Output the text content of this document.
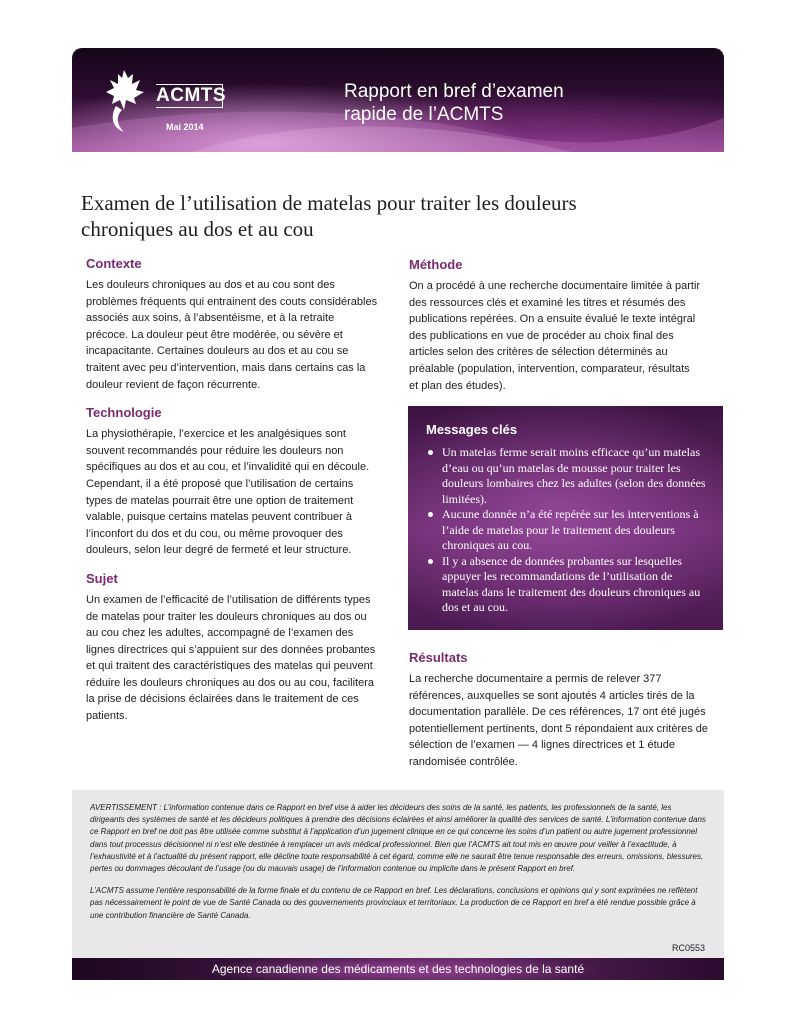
ACMTS
Mai 2014
Rapport en bref d’examen
rapide de l’ACMTS
Examen de l’utilisation de matelas pour traiter les douleurs
chroniques au dos et au cou
Contexte

Les douleurs chroniques au dos et au cou sont des problèmes fréquents qui entrainent des couts considérables associés aux soins, à l’absentéisme, et à la retraite précoce. La douleur peut être modérée, ou sévère et incapacitante. Certaines douleurs au dos et au cou se traitent avec peu d’intervention, mais dans certains cas la douleur revient de façon récurrente.

Technologie

La physiothérapie, l’exercice et les analgésiques sont souvent recommandés pour réduire les douleurs non spécifiques au dos et au cou, et l’invalidité qui en découle. Cependant, il a été proposé que l’utilisation de certains types de matelas pourrait être une option de traitement valable, puisque certains matelas peuvent contribuer à l’inconfort du dos et du cou, ou même provoquer des douleurs, selon leur degré de fermeté et leur structure.

Sujet

Un examen de l’efficacité de l’utilisation de différents types de matelas pour traiter les douleurs chroniques au dos ou au cou chez les adultes, accompagné de l’examen des lignes directrices qui s’appuient sur des données probantes et qui traitent des caractéristiques des matelas qui peuvent réduire les douleurs chroniques au dos ou au cou, facilitera la prise de décisions éclairées dans le traitement de ces patients.

Méthode

On a procédé à une recherche documentaire limitée à partir des ressources clés et examiné les titres et résumés des publications repérées. On a ensuite évalué le texte intégral des publications en vue de procéder au choix final des articles selon des critères de sélection déterminés au préalable (population, intervention, comparateur, résultats et plan des études).

Messages clés
Un matelas ferme serait moins efficace qu’un matelas d’eau ou qu’un matelas de mousse pour traiter les douleurs lombaires chez les adultes (selon des données limitées).
Aucune donnée n’a été repérée sur les interventions à l’aide de matelas pour le traitement des douleurs chroniques au cou.
Il y a absence de données probantes sur lesquelles appuyer les recommandations de l’utilisation de matelas dans le traitement des douleurs chroniques au dos et au cou.
Résultats

La recherche documentaire a permis de relever 377 références, auxquelles se sont ajoutés 4 articles tirés de la documentation parallèle. De ces références, 17 ont été jugés potentiellement pertinents, dont 5 répondaient aux critères de sélection de l’examen — 4 lignes directrices et 1 étude randomisée contrôlée.

AVERTISSEMENT : L’information contenue dans ce Rapport en bref vise à aider les décideurs des soins de la santé, les patients, les professionnels de la santé, les dirigeants des systèmes de santé et les décideurs politiques à prendre des décisions éclairées et ainsi améliorer la qualité des services de santé. L’information contenue dans ce Rapport en bref ne doit pas être utilisée comme substitut à l’application d’un jugement clinique en ce qui concerne les soins d’un patient ou autre jugement professionnel dans tout processus décisionnel ni n’est elle destinée à remplacer un avis médical professionnel. Bien que l’ACMTS ait tout mis en œuvre pour veiller à l’exactitude, à l’exhaustivité et à l’actualité du présent rapport, elle décline toute responsabilité à cet égard, comme elle ne saurait être tenue responsable des erreurs, omissions, blessures, pertes ou dommages découlant de l’usage (ou du mauvais usage) de l’information contenue ou implicite dans le présent Rapport en bref.

L’ACMTS assume l’entière responsabilité de la forme finale et du contenu de ce Rapport en bref. Les déclarations, conclusions et opinions qui y sont exprimées ne reflètent pas nécessairement le point de vue de Santé Canada ou des gouvernements provinciaux et territoriaux. La production de ce Rapport en bref a été rendue possible grâce à une contribution financière de Santé Canada.

RC0553
Agence canadienne des médicaments et des technologies de la santé
